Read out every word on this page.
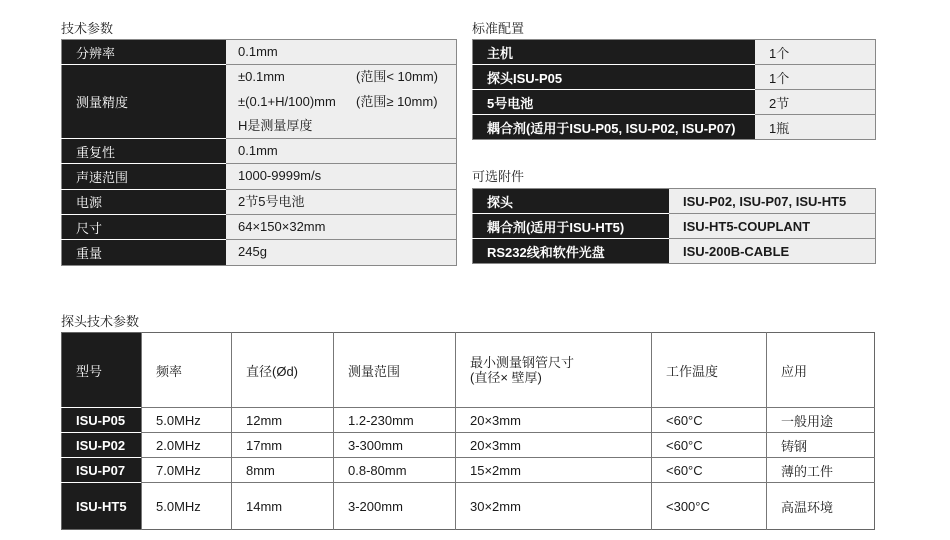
技术参数
分辨率	0.1mm

测量精度	±0.1mm (范围< 10mm)
±(0.1+H/100)mm (范围≥ 10mm)
H是测量厚度

重复性	0.1mm

声速范围	1000-9999m/s

电源	2节5号电池

尺寸	64×150×32mm

重量	245g
标准配置
主机	1个
探头ISU-P05	1个
5号电池	2节
耦合剂(适用于ISU-P05, ISU-P02, ISU-P07)	1瓶
可选附件
探头	ISU-P02, ISU-P07, ISU-HT5
耦合剂(适用于ISU-HT5)	ISU-HT5-COUPLANT
RS232线和软件光盘	ISU-200B-CABLE
探头技术参数
型号	频率	直径(Ød)	测量范围	最小测量钢管尺寸
(直径× 壁厚)	工作温度	应用
ISU-P05	5.0MHz	12mm	1.2-230mm	20×3mm	<60°C	一般用途
ISU-P02	2.0MHz	17mm	3-300mm	20×3mm	<60°C	铸钢
ISU-P07	7.0MHz	8mm	0.8-80mm	15×2mm	<60°C	薄的工件
ISU-HT5	5.0MHz	14mm	3-200mm	30×2mm	<300°C	高温环境
